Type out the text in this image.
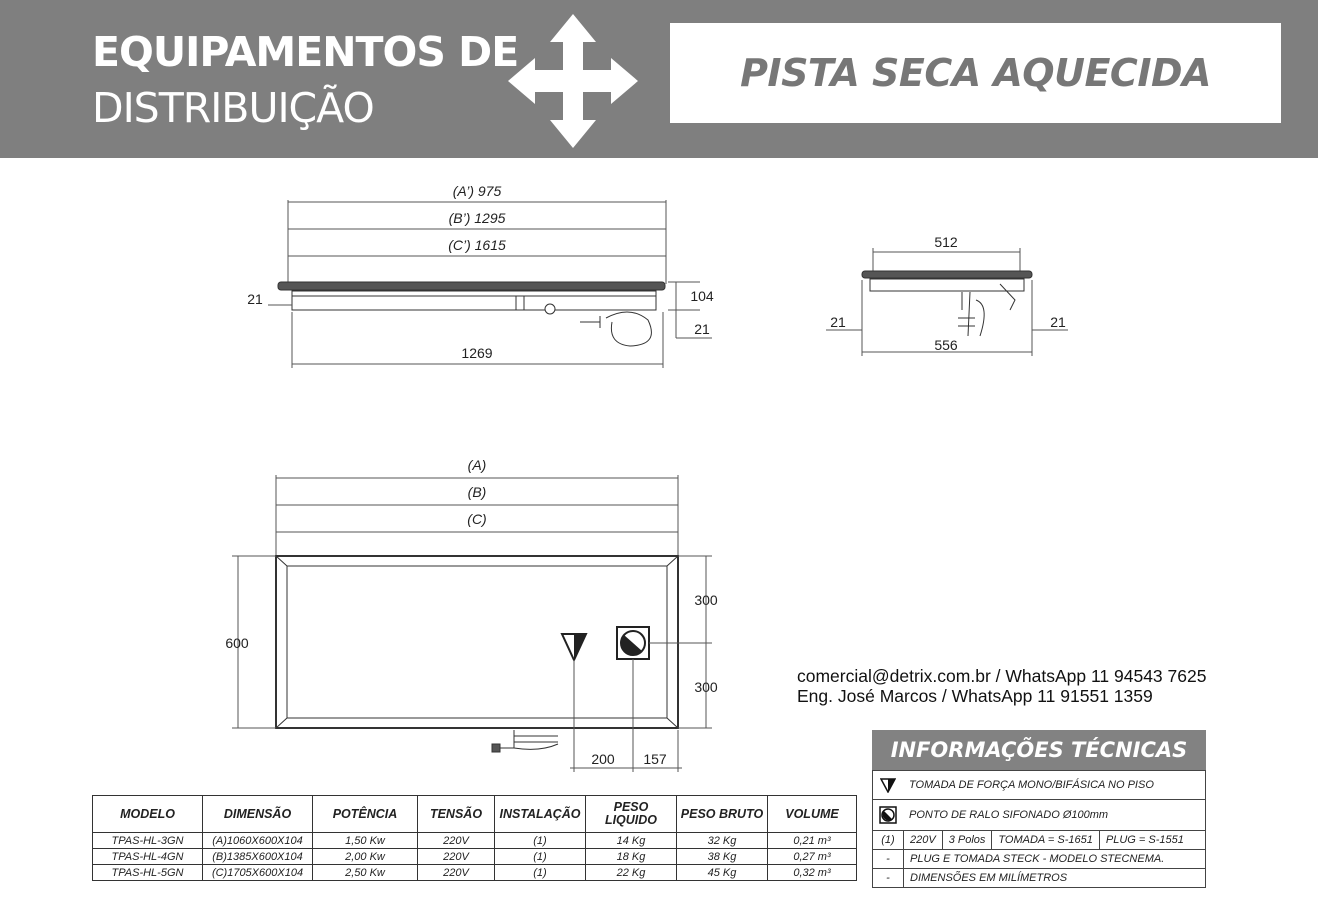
EQUIPAMENTOS DE
DISTRIBUIÇÃO
PISTA SECA AQUECIDA
(A’) 975
(B’) 1295
(C’) 1615
21	104
21
1269
512
556
21	21
(A)
(B)
(C)
600
300
300
200 157
comercial@detrix.com.br / WhatsApp 11 94543 7625
Eng. José Marcos / WhatsApp 11 91551 1359
MODELO	DIMENSÃO	POTÊNCIA	TENSÃO	INSTALAÇÃO	PESO LIQUIDO	PESO BRUTO	VOLUME
TPAS-HL-3GN	(A)1060X600X104	1,50 Kw	220V	(1)	14 Kg	32 Kg	0,21 m³
TPAS-HL-4GN	(B)1385X600X104	2,00 Kw	220V	(1)	18 Kg	38 Kg	0,27 m³
TPAS-HL-5GN	(C)1705X600X104	2,50 Kw	220V	(1)	22 Kg	45 Kg	0,32 m³
INFORMAÇÕES TÉCNICAS
TOMADA DE FORÇA MONO/BIFÁSICA NO PISO
PONTO DE RALO SIFONADO Ø100mm
(1)	220V	3 Polos	TOMADA = S-1651	PLUG = S-1551
-	PLUG E TOMADA STECK - MODELO STECNEMA.
-	DIMENSÕES EM MILÍMETROS
